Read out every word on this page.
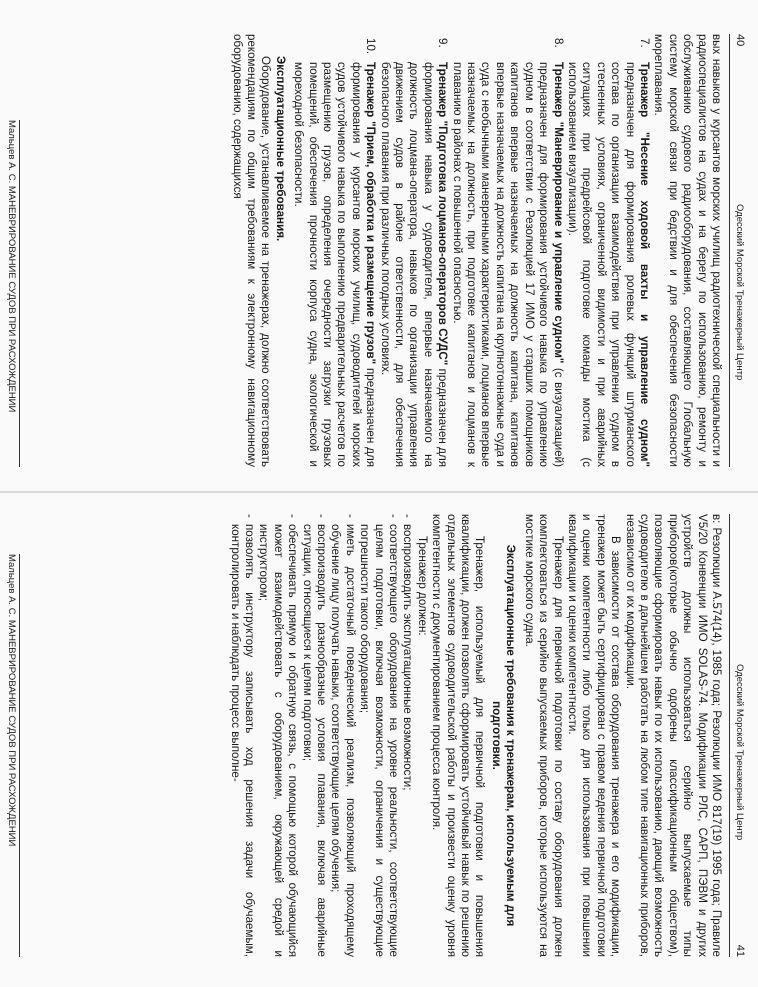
40
Одесский Морской Тренажерный Центр

вых навыков у курсантов морских училищ радиотехнической специальности и радиоспециалистов на судах и на берегу по использованию, ремонту и обслуживанию судового радиооборудования, составляющего Глобальную систему морской связи при бедствии и для обеспечения безопасности мореплавания.

7.
Тренажер "Несение ходовой вахты и управление судном" предназначен для формирования ролевых функций штурманского состава по организации взаимодействия при управлении судном в стесненных условиях, ограниченной видимости и при аварийных ситуациях при предрейсовой подготовке команды мостика (с использованием визуализации).

8.
Тренажер "Маневрирование и управление судном" (с визуализацией) предназначен для формирования устойчивого навыка по управлению судном в соответствии с Резолюцией 17 ИМО у старших помощников капитанов впервые назначаемых на должность капитана, капитанов впервые назначаемых на должность капитана на крупнотоннажные суда и суда с необычными маневренными характеристиками, лоцманов впервые назначаемых на должность, при подготовке капитанов и лоцманов к плаванию в районах с повышенной опасностью.

9.
Тренажер "Подготовка лоцманов-операторов СУДС" предназначен для формирования навыка у судоводителя, впервые назначаемого на должность лоцмана-оператора, навыков по организации управления движением судов в районе ответственности, для обеспечения безопасного плавания при различных погодных условиях.

10.
Тренажер "Прием, обработка и размещение грузов" предназначен для формирования у курсантов морских училищ, судоводителей морских судов устойчивого навыка по выполнению предварительных расчетов по размещению грузов, определения очередности загрузки грузовых помещений, обеспечения прочности корпуса судна, экологической и мореходной безопасности.

Эксплуатационные требования.

Оборудование, устанавливаемое на тренажерах, должно соответствовать рекомендациям по общим требованиям к электронному навигационному оборудованию, содержащихся

Мальцев А. С. МАНЕВРИРОВАНИЕ СУДОВ ПРИ РАСХОЖДЕНИИ
Одесский Морской Тренажерный Центр
41

в: Резолюции А.574(14), 1985 года; Резолюции ИМО 817(19) 1995 года; Правиле V5/20 Конвенции ИМО SOLAS-74. Модификации РЛС, САРП, ПЭВМ и других устройств должны использоваться серийно выпускаемые типы приборов(которые обычно одобрены классификационным обществом), позволяющие сформировать навык по их использованию, дающий возможность судоводителю в дальнейшем работать на любом типе навигационных приборов, независимо от их модификации.

В зависимости от состава оборудования тренажера и его модификации, тренажер может быть сертифицирован с правом ведения первичной подготовки и оценки компетентности либо только для использования при повышении квалификации и оценки компетентности.

Тренажер для первичной подготовки по составу оборудования должен комплектоваться из серийно выпускаемых приборов, которые используются на мостике морского судна.

Эксплуатационные требования к тренажерам, используемым для подготовки.

Тренажер, используемый для первичной подготовки и повышения квалификации, должен позволять сформировать устойчивый навык по решению отдельных элементов судоводительской работы и произвести оценку уровня компетентности с документированием процесса контроля.

Тренажер должен:

-
воспроизводить эксплуатационные возможности;

-
соответствующего оборудования на уровне реальности, соответствующие целям подготовки, включая возможности, ограничения и существующие погрешности такого оборудования;

-
иметь достаточный поведенческий реализм, позволяющий проходящему обучение лицу получать навыки, соответствующие целям обучения;

-
воспроизводить разнообразные условия плавания, включая аварийные ситуации, относящиеся к целям подготовки;

-
обеспечивать прямую и обратную связь, с помощью которой обучающийся может взаимодействовать с оборудованием, окружающей средой и инструктором;

-
позволять инструктору записывать ход решения задачи обучаемым, контролировать и наблюдать процесс выполне-

Мальцев А. С. МАНЕВРИРОВАНИЕ СУДОВ ПРИ РАСХОЖДЕНИИ
